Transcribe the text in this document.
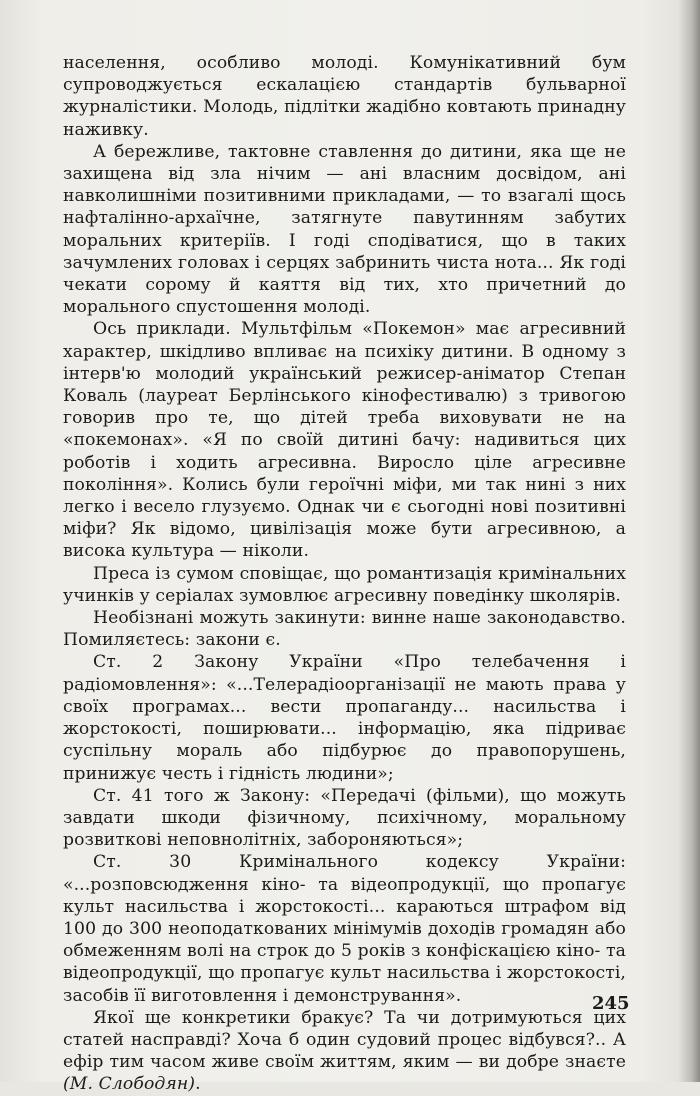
населення, особливо молоді. Комунікативний бум супроводжується ескалацією стандартів бульварної журналістики. Молодь, підлітки жадібно ковтають принадну наживку.

А бережливе, тактовне ставлення до дитини, яка ще не захищена від зла нічим — ані власним досвідом, ані навколишніми позитивними прикладами, — то взагалі щось нафталінно-архаїчне, затягнуте павутинням забутих моральних критеріїв. І годі сподіватися, що в таких зачумлених головах і серцях забринить чиста нота... Як годі чекати сорому й каяття від тих, хто причетний до морального спустошення молоді.

Ось приклади. Мультфільм «Покемон» має агресивний характер, шкідливо впливає на психіку дитини. В одному з інтерв'ю молодий український режисер-аніматор Степан Коваль (лауреат Берлінського кінофестивалю) з тривогою говорив про те, що дітей треба виховувати не на «покемонах». «Я по своїй дитині бачу: надивиться цих роботів і ходить агресивна. Виросло ціле агресивне покоління». Колись були героїчні міфи, ми так нині з них легко і весело глузуємо. Однак чи є сьогодні нові позитивні міфи? Як відомо, цивілізація може бути агресивною, а висока культура — ніколи.

Преса із сумом сповіщає, що романтизація кримінальних учинків у серіалах зумовлює агресивну поведінку школярів.

Необізнані можуть закинути: винне наше законодавство. Помиляєтесь: закони є.

Ст. 2 Закону України «Про телебачення і радіомовлення»: «...Телерадіоорганізації не мають права у своїх програмах... вести пропаганду... насильства і жорстокості, поширювати... інформацію, яка підриває суспільну мораль або підбурює до правопорушень, принижує честь і гідність людини»;

Ст. 41 того ж Закону: «Передачі (фільми), що можуть завдати шкоди фізичному, психічному, моральному розвиткові неповнолітніх, забороняються»;

Ст. 30 Кримінального кодексу України: «...розповсюдження кіно- та відеопродукції, що пропагує культ насильства і жорстокості... караються штрафом від 100 до 300 неоподаткованих мінімумів доходів громадян або обмеженням волі на строк до 5 років з конфіскацією кіно- та відеопродукції, що пропагує культ насильства і жорстокості, засобів її виготовлення і демонстрування».

Якої ще конкретики бракує? Та чи дотримуються цих статей насправді? Хоча б один судовий процес відбувся?.. А ефір тим часом живе своїм життям, яким — ви добре знаєте (М. Слободян).

245
